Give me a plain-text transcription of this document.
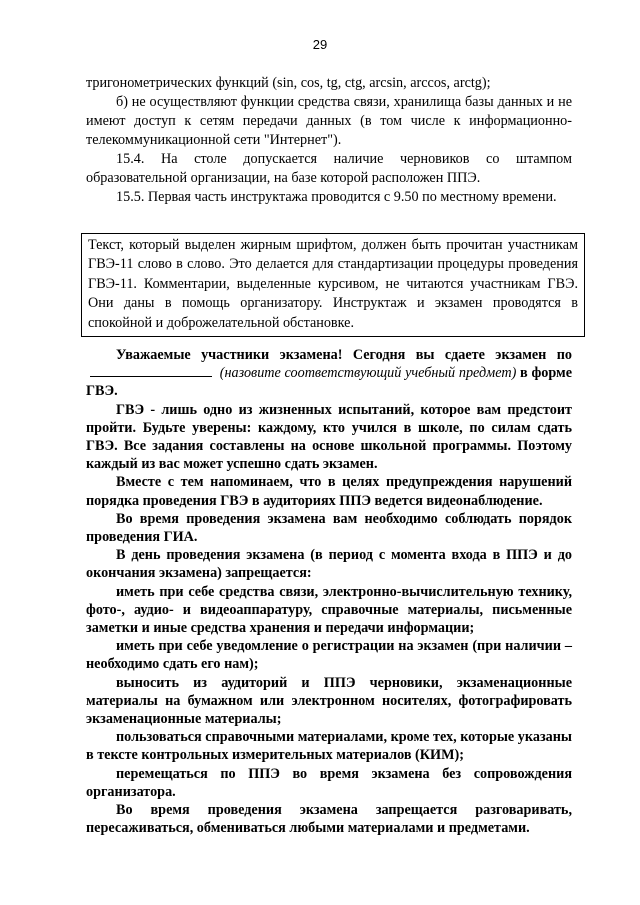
29

тригонометрических функций (sin, cos, tg, ctg, arcsin, arccos, arctg);

б) не осуществляют функции средства связи, хранилища базы данных и не имеют доступ к сетям передачи данных (в том числе к информационно-телекоммуникационной сети "Интернет").

15.4. На столе допускается наличие черновиков со штампом образовательной организации, на базе которой расположен ППЭ.

15.5. Первая часть инструктажа проводится с 9.50 по местному времени.

Текст, который выделен жирным шрифтом, должен быть прочитан участникам ГВЭ-11 слово в слово. Это делается для стандартизации процедуры проведения ГВЭ-11. Комментарии, выделенные курсивом, не читаются участникам ГВЭ. Они даны в помощь организатору. Инструктаж и экзамен проводятся в спокойной и доброжелательной обстановке.

Уважаемые участники экзамена! Сегодня вы сдаете экзамен по  (назовите соответствующий учебный предмет) в форме ГВЭ.

ГВЭ - лишь одно из жизненных испытаний, которое вам предстоит пройти. Будьте уверены: каждому, кто учился в школе, по силам сдать ГВЭ. Все задания составлены на основе школьной программы. Поэтому каждый из вас может успешно сдать экзамен.

Вместе с тем напоминаем, что в целях предупреждения нарушений порядка проведения ГВЭ в аудиториях ППЭ ведется видеонаблюдение.

Во время проведения экзамена вам необходимо соблюдать порядок проведения ГИА.

В день проведения экзамена (в период с момента входа в ППЭ и до окончания экзамена) запрещается:

иметь при себе средства связи, электронно-вычислительную технику, фото-, аудио- и видеоаппаратуру, справочные материалы, письменные заметки и иные средства хранения и передачи информации;

иметь при себе уведомление о регистрации на экзамен (при наличии – необходимо сдать его нам);

выносить из аудиторий и ППЭ черновики, экзаменационные материалы на бумажном или электронном носителях, фотографировать экзаменационные материалы;

пользоваться справочными материалами, кроме тех, которые указаны в тексте контрольных измерительных материалов (КИМ);

перемещаться по ППЭ во время экзамена без сопровождения организатора.

Во время проведения экзамена запрещается разговаривать, пересаживаться, обмениваться любыми материалами и предметами.
